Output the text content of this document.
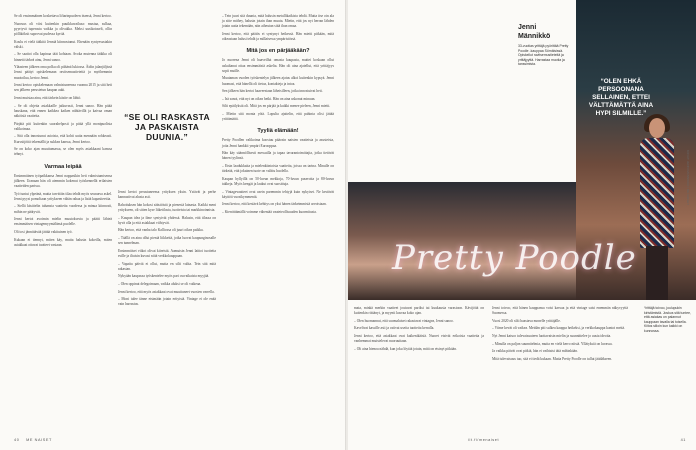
Se oli ensimmäinen koskettava liftarinpuoleen itsensä, Jenni kertoo.

Nuoruus oli viisi kuitenkin puuikkuvailusa: mustaa, sulkaa, pyyrtyvä tuperasta vaikka ja olivakka. Meksi uusikotaselt, ollin pölliköksit suprovat pudessa kyrtiä.

Koulu ei vielä tääkitä Jenniä kiinnostanut. Ehenään syntyesustakin välski.

– Se saattoi olla kapinaa tääi kohtaan. Avoka mutenna tääkka oli hinnetä tärkeä ainu, Jenni sanoo.

Yläasteen jälkeen oma polku oli pähänä lukiossa. Äidin jalanjäljissä Jenni päätyi opiskelemaan ravitsemustieteitä ja myöhemmin muotoilua, kertoo Jenni.

Jenni kertoo opiskelemaan valmistuneensa vuonna 2015 ja sitä heti sen jälkeen perustetun kaupan auki.

Jenni muistaa aina, että tärkein käsite on lähtö.

– Se oli ohjeita asiakkaille jatkuvasti, Jenni sanoo. Hän pitää hauskana, että ennen kaikkea kaiken nähtävillä ja kaivaa oman näköisiä vaatteita.

Pärjätä piti kuitenkin suorahelposti ja pitää yllä monipuolista valikoimaa.

– Sitä olla innostunut asioista, että kohti uutta mennään rohkeasti. Kurssitjöitä tekemällä ja sukkea kanssa, Jenni kertoo.

Se on koko ajan muuttumassa, se olen myös asiakkaani kanssa tehnyt.

Varmaa leipää

Ensimmäinen työpaikkansa Jenni nappasikin heti valmistumisensa jälkeen. Uranaan hän oli aiemmin kokenut työskennellä erilaisten vaatteiden parissa.

Työ tuntui ylpeänä, mutta tarvittiin tilaa tehdä myös seuraava askel. Jenni pyysi pomoltaan yritykseen vähän rahaa ja lisää kapasiteettia.

– Siellä käsittelin tuhansia vaatteita vuodessa ja minua kiinnosti, mihin ne päätyvät.

Jenni kertoi avoimin mielin muutoksesta ja päätti lähteä ensimmäisen vintagemyymälänsä puolelle.

Oli tosi jännittävää jättää vakituinen työ.

Kukaan ei tiennyt, miten käy, mutta halusin kokeilla, miten asiakkaat ottavat tuotteet vastaan.

Jenni kertoi perustaneensa yrityksen yksin. Ystävät ja perhe kannustivat alusta asti.

Rahoituksen hän kokosi säästöistä ja pienestä lainasta. Kaikki meni yritykseen, oli sitten kyse liiketilasta, tuotteista tai markkinoinnista.

– Kaupan idea ja ilme syntyivät yhdessä. Halusin, että tilassa on hyvä olla ja että asiakkaat viihtyvät.

Hän kertoo, että vanha talo Kalliossa oli juuri oikea paikka.

– Täällä on aina ollut pieniä liikkeitä, jotka luovat kaupunginosalle sen tunnelman.

Ensimmäiset viikot olivat kiireisiä. Aamuisin Jenni laittoi tuotteita esille ja iltaisin kuvasi niitä verkkokauppaan.

– Vapaita päiviä ei ollut, mutta en silti valita. Tein sitä mitä rakastan.

Nykyään kaupassa työskentelee myös pari osa-aikaista myyjää.

– Olen oppinut delegoimaan, vaikka aluksi se oli vaikeaa.

Jenni kertoo, että myös asiakkaat ovat muuttuneet vuosien varrella.

– Moni tulee tänne etsimään jotain erityistä. Vintage ei ole enää vain harrastus.

“SE OLI RASKASTA JA PASKAISTA DUUNIA.”

– Tein juuri sitä duunia, mitä halusin metallikaikista tehdä. Mutta itse oin ala ja sitte mithey, halusin jotain ihan muuta. Mietin, että jos nyt herran lähden jotain uutta tekemään, niin aiheutan siitä ihan omaa.

Jenni kertoo, että päätös ei syntynyt hetkessä. Hän mietti pitkään, mitä oikeastaan halusi tehdä ja millaisessa ympäristössä.

Mitä jos en pärjääkään?

Jo nuorena Jenni oli haaveillut omasta kaupasta, muttei koskaan ollut uskaltanut ottaa ensimmäistä askelta. Hän oli aina ajatellut, että yrittäjyys sopii muille.

Muutaman vuoden työskentelyn jälkeen ajatus alkoi kuitenkin kypsyä. Jenni huomasi, että hänellä oli tietoa, kontakteja ja intoa.

Sen jälkeen hän kertoi haaveestaan läheisilleen, jotka innostuivat heti.

– Isä sanoi, että nyt on oikea hetki. Hän on aina uskonut minuun.

Silti epäilyksiä oli. Mitä jos en pärjää ja kaikki menee pieleen, Jenni mietti.

– Mietin sitä monta yötä. Lopulta ajattelin, että pahinta olisi jättää yrittämättä.

Tyyliä elämään!

Pretty Poodlen valikoima koostuu pääosin naisten vaatteista ja asusteista, joita Jenni hankkii ympäri Eurooppaa.

Hän käy säännöllisesti messuilla ja tapaa tavarantoimittajia, jotka tietävät hänen tyylinsä.

– Etsin laadukkaita ja mielenkiintoisia vaatteita, joissa on tarina. Minulle on tärkeää, että jokainen tuote on valittu huolella.

Kaupan hyllyillä on 50-luvun mekkoja, 70-luvun puseroita ja 80-luvun takkeja. Myös kengät ja laukut ovat suosittuja.

– Vintagevaatteet ovat usein paremmin tehtyjä kuin nykyiset. Ne kestävät käyttöä vuosikymmeniä.

Jenni kertoo, että kestävä kehitys on yksi hänen tärkeimmistä arvoistaan.

– Kierrättämällä voimme vähentää vaateteollisuuden kuormitusta.

40 ME NAISET
“OLEN EHKÄ PERSOONANA SELLAINEN, ETTEI VÄLTTÄMÄTTÄ AINA HYPI SILMILLE.”
Pretty Poodle
Jenni Männikkö
33-vuotias yrittäjä pyörittää Pretty Poodle -kauppaa Sörnäisissä. Opiskellut ravitsemustieteitä ja yrittäjyyttä. Harrastaa muotia ja tanssimista.
KUVAT: JENNI MÄNNIKKÖ / ME NAISET

mata, minkä merkin vaatteet joutuvat pariksi tai kuukausia varastoon. Kävijöitä on kuitenkin riittänyt, ja myynti kasvaa koko ajan.

– Olen huomannut, että suomalaiset rakastavat vintagea, Jenni sanoo.

Kavelivat kassille asti ja ostivat useita tuotteita kerralla.

Jenni kertoo, että asiakkaat ovat kaikenikäisiä. Nuoret etsivät erikoisia vaatteita ja vanhemmat muistelevat nuoruuttaan.

– Oli aina hienoa nähdä, kun joku löytää jotain, mitä on etsinyt pitkään.

Jenni toivoo, että hänen kauppansa voisi kasvaa ja että vintage saisi enemmän näkyvyyttä Suomessa.

Vuosi 2020 oli silti haastava monelle yrittäjälle.

– Viime kevät oli vaikea. Meidän piti sulkea kauppa hetkeksi, ja verkkokauppa kantoi meitä.

Nyt Jenni katsoo tulevaisuuteen luottavaisin mielin ja suunnittelee jo uusia ideoita.

– Minulla on paljon suunnitelmia, mutta en vielä kerro niistä. Yllätyksiä on luvassa.

Ja vaikka päivät ovat pitkiä, hän ei vaihtaisi tätä mihinkään.

Mitä tulevaisuus tuo, sitä ei tiedä kukaan. Mutta Pretty Poodle on tullut jäädäkseen.

Yrittäjä toivoo, joulupukin kiristämistä. Joskus sitä tuntee, että asiakas on palannut kauppaan tavalla tai toisella. Kiitos silloin kun kaikki on kunnossa.
ilt.fi/menaiset	41
